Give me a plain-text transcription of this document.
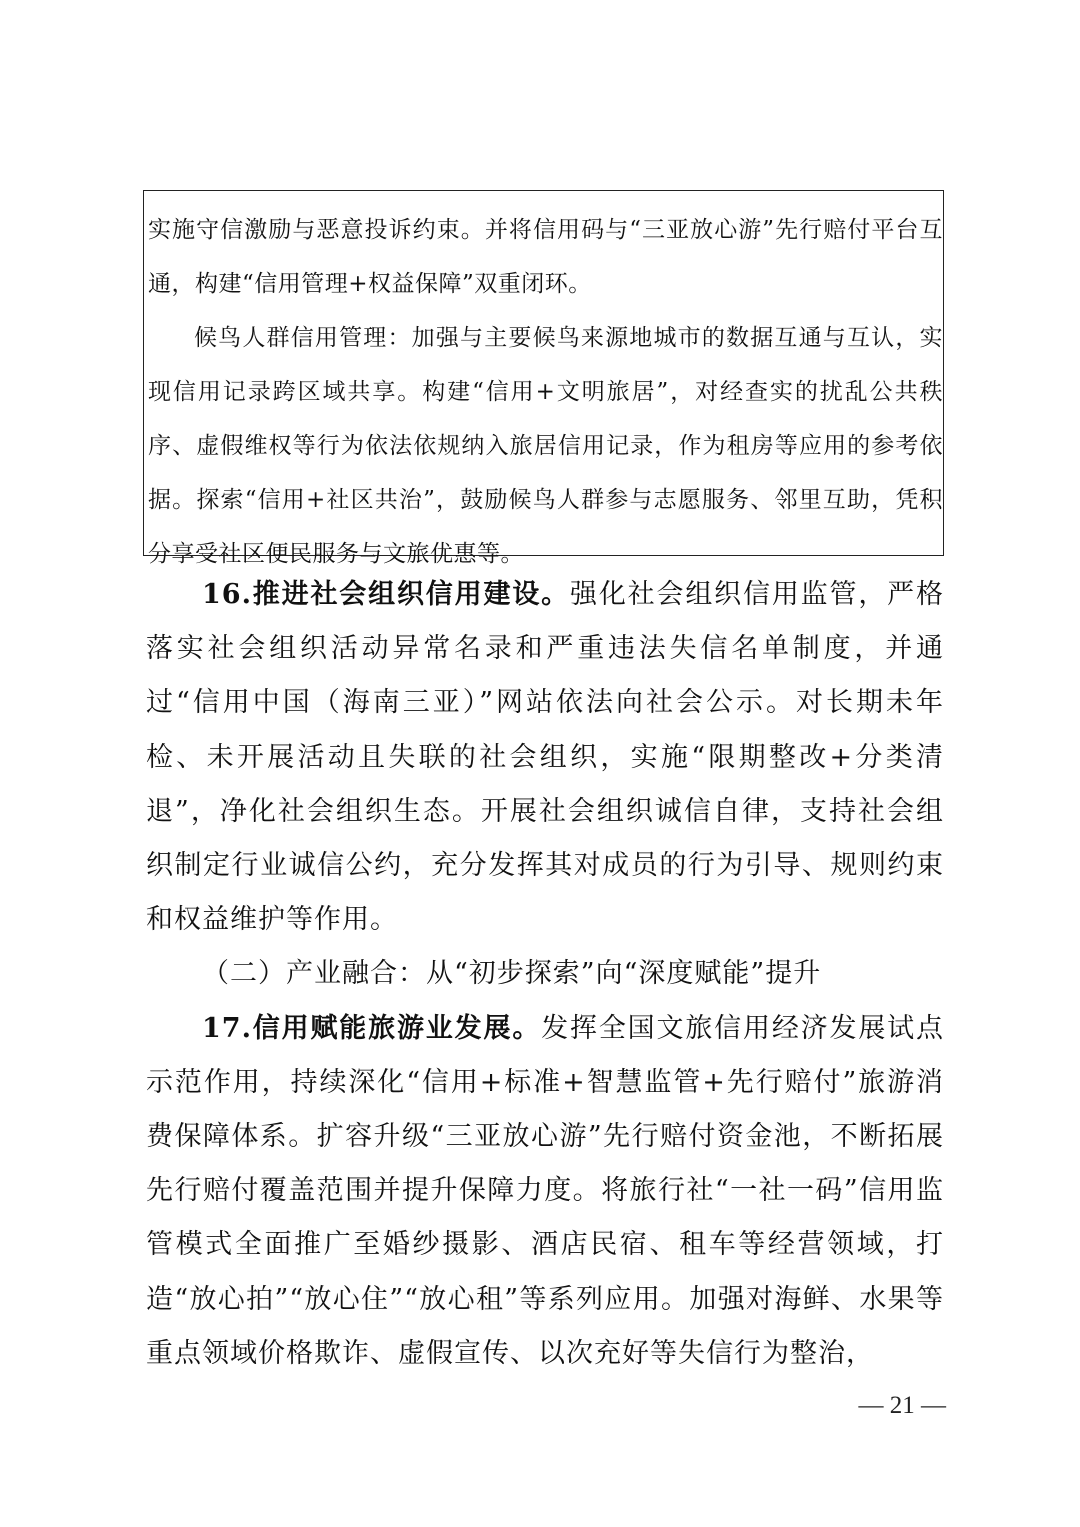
实施守信激励与恶意投诉约束。并将信用码与“三亚放心游”先行赔付平台互通，构建“信用管理+权益保障”双重闭环。

候鸟人群信用管理：加强与主要候鸟来源地城市的数据互通与互认，实现信用记录跨区域共享。构建“信用+文明旅居”，对经查实的扰乱公共秩序、虚假维权等行为依法依规纳入旅居信用记录，作为租房等应用的参考依据。探索“信用+社区共治”，鼓励候鸟人群参与志愿服务、邻里互助，凭积分享受社区便民服务与文旅优惠等。

16.推进社会组织信用建设。强化社会组织信用监管，严格落实社会组织活动异常名录和严重违法失信名单制度，并通过“信用中国（海南三亚）”网站依法向社会公示。对长期未年检、未开展活动且失联的社会组织，实施“限期整改+分类清退”，净化社会组织生态。开展社会组织诚信自律，支持社会组织制定行业诚信公约，充分发挥其对成员的行为引导、规则约束和权益维护等作用。

（二）产业融合：从“初步探索”向“深度赋能”提升

17.信用赋能旅游业发展。发挥全国文旅信用经济发展试点示范作用，持续深化“信用+标准+智慧监管+先行赔付”旅游消费保障体系。扩容升级“三亚放心游”先行赔付资金池，不断拓展先行赔付覆盖范围并提升保障力度。将旅行社“一社一码”信用监管模式全面推广至婚纱摄影、酒店民宿、租车等经营领域，打造“放心拍”“放心住”“放心租”等系列应用。加强对海鲜、水果等重点领域价格欺诈、虚假宣传、以次充好等失信行为整治，

— 21 —
